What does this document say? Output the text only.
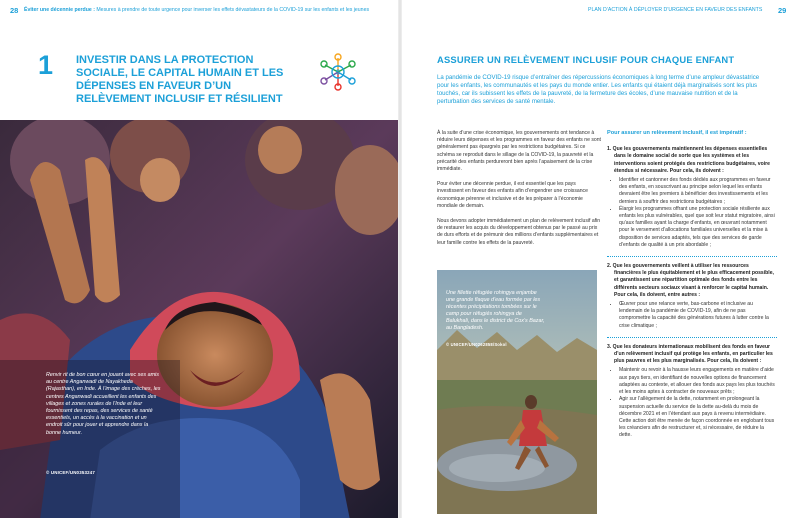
28 Éviter une décennie perdue : Mesures à prendre de toute urgence pour inverser les effets dévastateurs de la COVID-19 sur les enfants et les jeunes
1 INVESTIR DANS LA PROTECTION SOCIALE, LE CAPITAL HUMAIN ET LES DÉPENSES EN FAVEUR D’UN RELÈVEMENT INCLUSIF ET RÉSILIENT
$
Renvir rit de bon cœur en jouant avec ses amis au centre Anganwadi de Nayakheda (Rajasthan), en Inde. À l’image des crèches, les centres Anganwadi accueillent les enfants des villages et zones rurales de l’Inde et leur fournissent des repas, des services de santé essentiels, un accès à la vaccination et un endroit sûr pour jouer et apprendre dans la bonne humeur.
© UNICEF/UN0353247
PLAN D’ACTION À DÉPLOYER D’URGENCE EN FAVEUR DES ENFANTS 29
ASSURER UN RELÈVEMENT INCLUSIF POUR CHAQUE ENFANT

La pandémie de COVID-19 risque d’entraîner des répercussions économiques à long terme d’une ampleur dévastatrice pour les enfants, les communautés et les pays du monde entier. Les enfants qui étaient déjà marginalisés sont les plus touchés, car ils subissent les effets de la pauvreté, de la fermeture des écoles, d’une mauvaise nutrition et de la perturbation des services de santé mentale.

À la suite d’une crise économique, les gouvernements ont tendance à réduire leurs dépenses et les programmes en faveur des enfants ne sont généralement pas épargnés par les restrictions budgétaires. Si ce schéma se reproduit dans le sillage de la COVID-19, la pauvreté et la précarité des enfants perdureront bien après l’apaisement de la crise immédiate.

Pour éviter une décennie perdue, il est essentiel que les pays investissent en faveur des enfants afin d’engendrer une croissance économique pérenne et inclusive et de les préparer à l’économie mondiale de demain.

Nous devons adopter immédiatement un plan de relèvement inclusif afin de restaurer les acquis du développement obtenus par le passé au prix de durs efforts et de prémunir des millions d’enfants supplémentaires et leur famille contre les effets de la pauvreté.

Une fillette réfugiée rohingya enjambe une grande flaque d’eau formée par les récentes précipitations tombées sur le camp pour réfugiés rohingya de Balukhali, dans le district de Cox’s Bazar, au Bangladesh.
© UNICEF/UN0262858/Sokol
Pour assurer un relèvement inclusif, il est impératif :
1. Que les gouvernements maintiennent les dépenses essentielles dans le domaine social de sorte que les systèmes et les interventions soient protégés des restrictions budgétaires, voire étendus si nécessaire. Pour cela, ils doivent :
• Identifier et cantonner des fonds dédiés aux programmes en faveur des enfants, en souscrivant au principe selon lequel les enfants devraient être les premiers à bénéficier des investissements et les derniers à souffrir des restrictions budgétaires ;
• Élargir les programmes offrant une protection sociale résiliente aux enfants les plus vulnérables, quel que soit leur statut migratoire, ainsi qu’aux familles ayant la charge d’enfants, en œuvrant notamment pour le versement d’allocations familiales universelles et la mise à disposition de services adaptés, tels que des services de garde d’enfants de qualité à un prix abordable ;
2. Que les gouvernements veillent à utiliser les ressources financières le plus équitablement et le plus efficacement possible, et garantissent une répartition optimale des fonds entre les différents secteurs sociaux visant à renforcer le capital humain. Pour cela, ils doivent, entre autres :
• Œuvrer pour une relance verte, bas-carbone et inclusive au lendemain de la pandémie de COVID-19, afin de ne pas compromettre la capacité des générations futures à lutter contre la crise climatique ;
3. Que les donateurs internationaux mobilisent des fonds en faveur d’un relèvement inclusif qui protège les enfants, en particulier les plus pauvres et les plus marginalisés. Pour cela, ils doivent :
• Maintenir ou revoir à la hausse leurs engagements en matière d’aide aux pays tiers, en identifiant de nouvelles options de financement adaptées au contexte, et allouer des fonds aux pays les plus touchés et les moins aptes à contracter de nouveaux prêts ;
• Agir sur l’allègement de la dette, notamment en prolongeant la suspension actuelle du service de la dette au-delà du mois de décembre 2021 et en l’étendant aux pays à revenu intermédiaire. Cette action doit être menée de façon coordonnée en englobant tous les créanciers afin de restructurer et, si nécessaire, de réduire la dette.
